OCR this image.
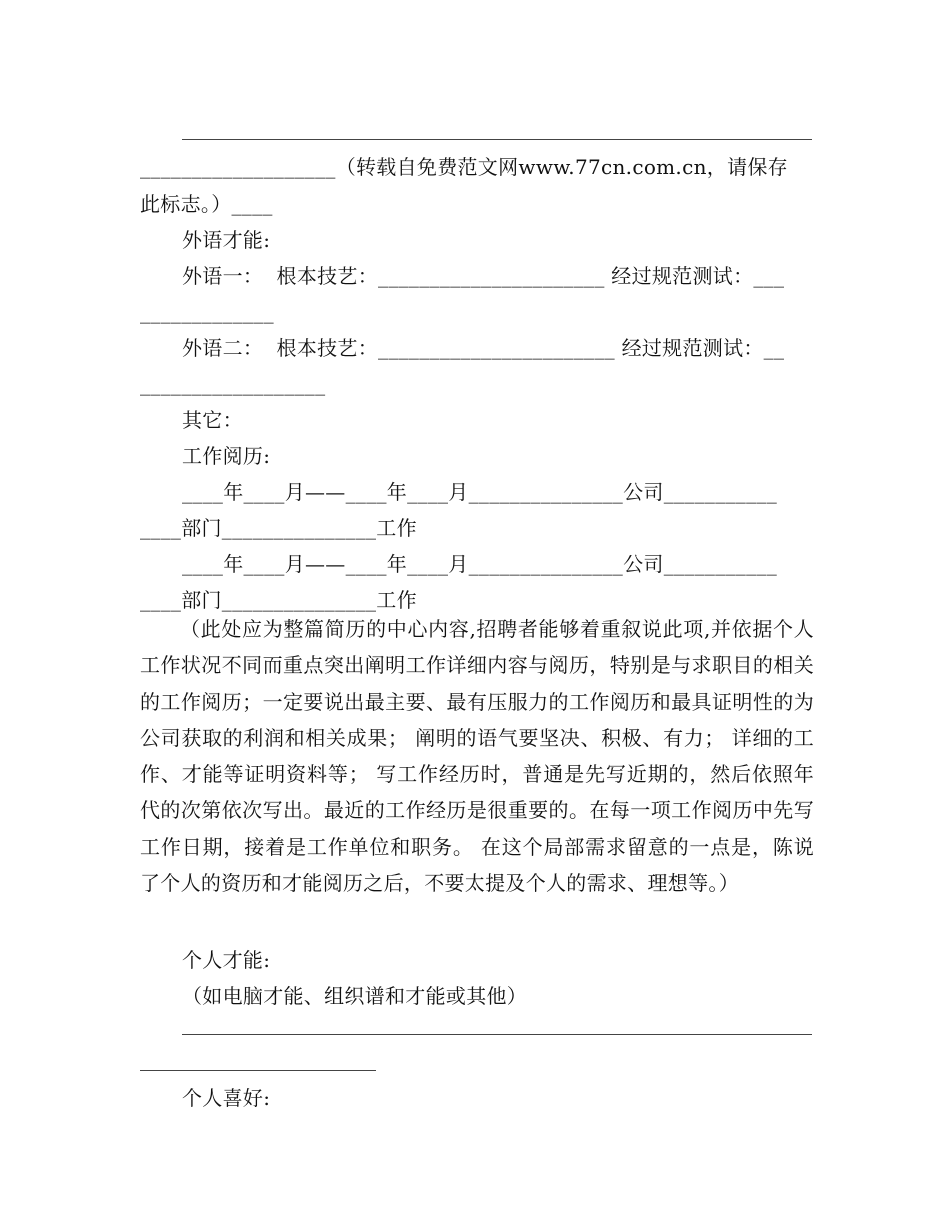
___________________（转载自免费范文网www.77cn.com.cn，请保存
此标志。）____
外语才能:
外语一：  根本技艺：______________________ 经过规范测试：___
_____________
外语二：  根本技艺：_______________________ 经过规范测试：__
__________________
其它：
工作阅历:
____年____月——____年____月_______________公司___________
____部门_______________工作
____年____月——____年____月_______________公司___________
____部门_______________工作
（此处应为整篇简历的中心内容,招聘者能够着重叙说此项,并依据个人工作状况不同而重点突出阐明工作详细内容与阅历，特别是与求职目的相关的工作阅历；一定要说出最主要、最有压服力的工作阅历和最具证明性的为公司获取的利润和相关成果； 阐明的语气要坚决、积极、有力； 详细的工作、才能等证明资料等； 写工作经历时，普通是先写近期的，然后依照年代的次第依次写出。最近的工作经历是很重要的。在每一项工作阅历中先写工作日期，接着是工作单位和职务。 在这个局部需求留意的一点是，陈说了个人的资历和才能阅历之后，不要太提及个人的需求、理想等。）
个人才能:
（如电脑才能、组织谱和才能或其他）
个人喜好:
